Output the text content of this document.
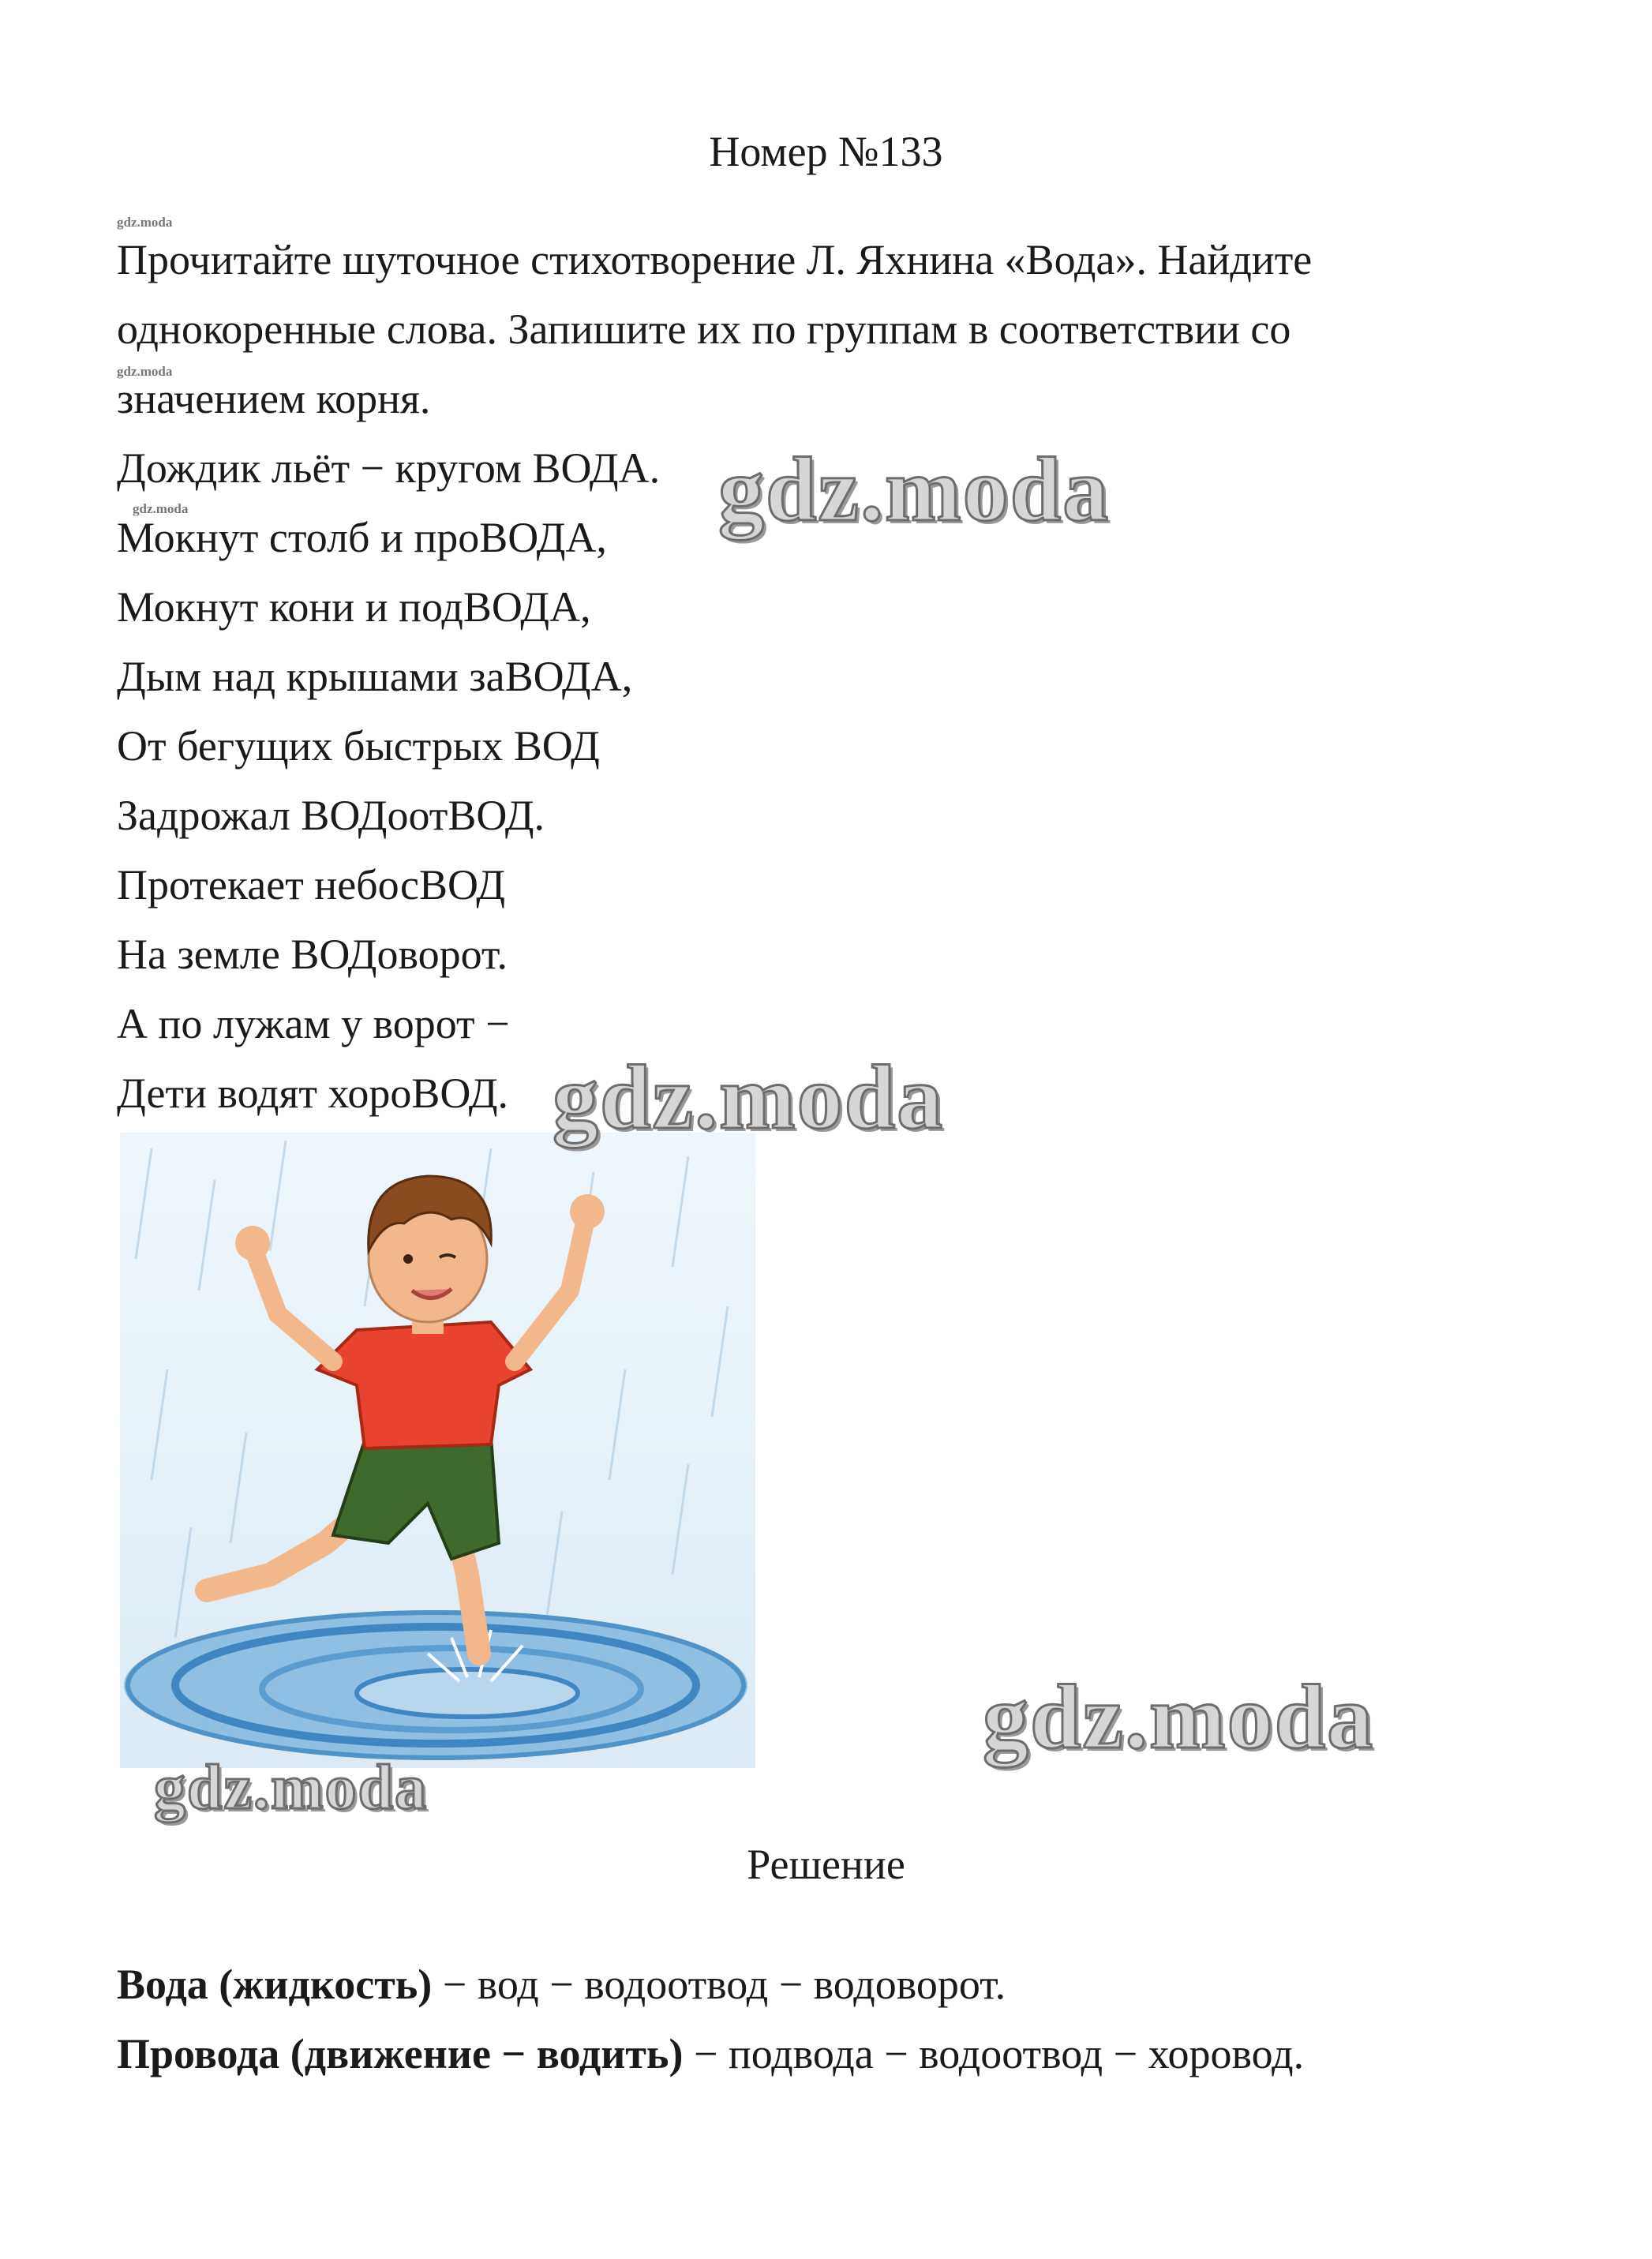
Номер №133
gdz.moda
gdz.moda
gdz.moda

Прочитайте шуточное стихотворение Л. Яхнина «Вода». Найдите

однокоренные слова. Запишите их по группам в соответствии со

значением корня.

Дождик льёт − кругом ВОДА.
Мокнут столб и проВОДА,
Мокнут кони и подВОДА,
Дым над крышами заВОДА,
От бегущих быстрых ВОД
Задрожал ВОДоотВОД.
Протекает небосВОД
На земле ВОДоворот.
А по лужам у ворот −
Дети водят хороВОД.
gdz.moda
gdz.moda
gdz.moda
gdz.moda
Решение
Вода (жидкость) − вод − водоотвод − водоворот.
Провода (движение − водить) − подвода − водоотвод − хоровод.
